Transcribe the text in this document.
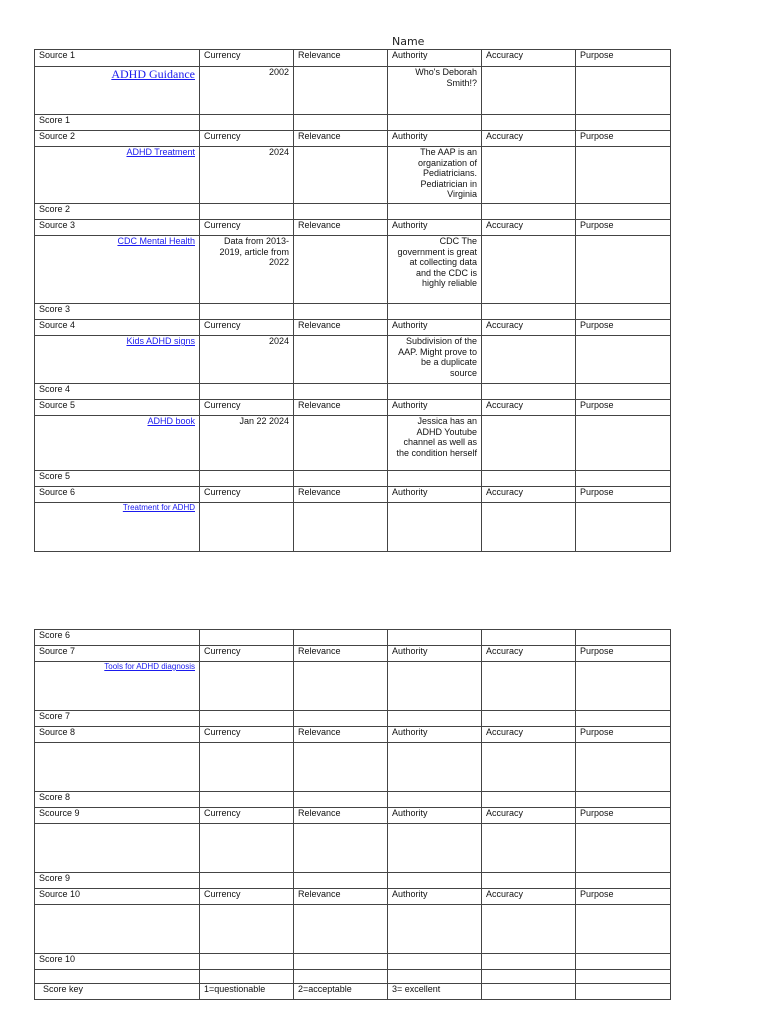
Name
Source 1	Currency	Relevance	Authority	Accuracy	Purpose

ADHD Guidance	2002		Who's Deborah Smith!?		
Score 1					
Source 2	Currency	Relevance	Authority	Accuracy	Purpose

ADHD Treatment	2024		The AAP is an organization of Pediatricians. Pediatrician in Virginia		
Score 2					
Source 3	Currency	Relevance	Authority	Accuracy	Purpose

CDC Mental Health	Data from 2013-2019, article from 2022		CDC The government is great at collecting data and the CDC is highly reliable		
Score 3					
Source 4	Currency	Relevance	Authority	Accuracy	Purpose

Kids ADHD signs	2024		Subdivision of the AAP. Might prove to be a duplicate source		
Score 4					
Source 5	Currency	Relevance	Authority	Accuracy	Purpose

ADHD book	Jan 22 2024		Jessica has an ADHD Youtube channel as well as the condition herself		
Score 5					
Source 6	Currency	Relevance	Authority	Accuracy	Purpose

Treatment for ADHD					

Score 6					
Source 7	Currency	Relevance	Authority	Accuracy	Purpose

Tools for ADHD diagnosis					

Score 7					
Source 8	Currency	Relevance	Authority	Accuracy	Purpose

Score 8					
Scource 9	Currency	Relevance	Authority	Accuracy	Purpose

Score 9					
Source 10	Currency	Relevance	Authority	Accuracy	Purpose

Score 10					

Score key	1=questionable	2=acceptable	3= excellent		
